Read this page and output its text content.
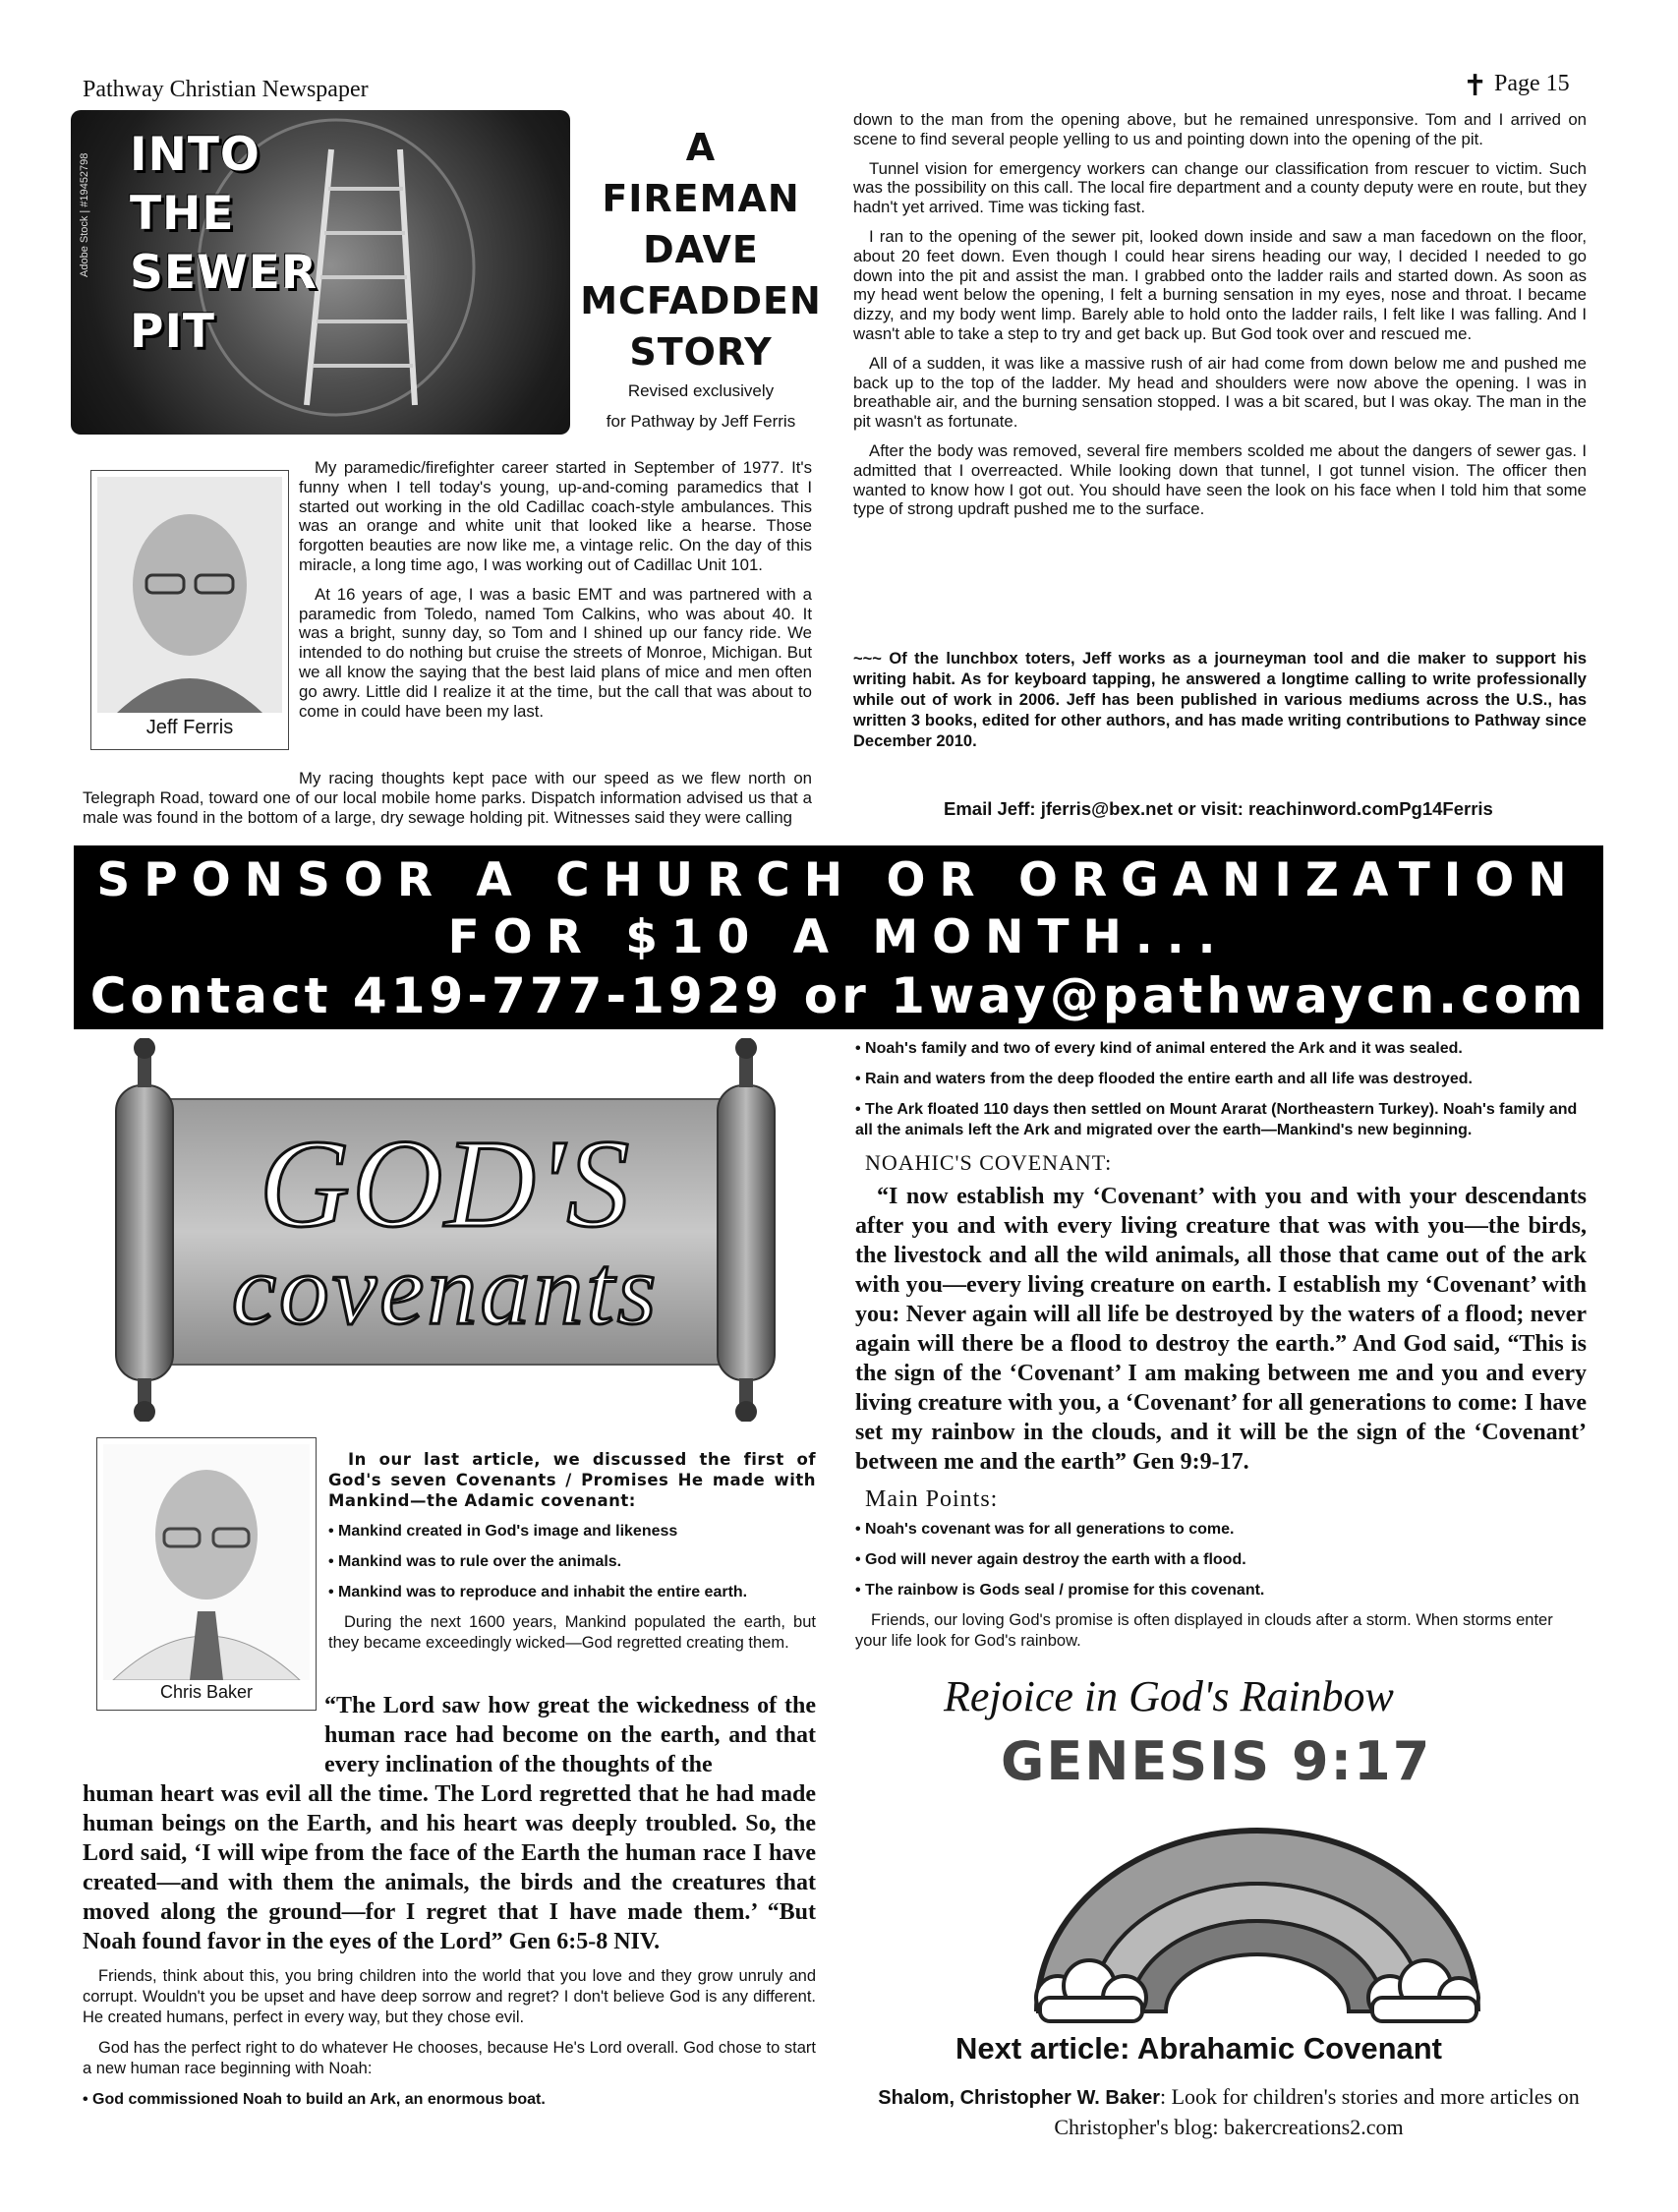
Pathway Christian Newspaper	✝ Page 15
INTO
THE
SEWER
PIT
Adobe Stock | #19452798
A
FIREMAN
DAVE
MCFADDEN
STORY
Revised exclusively
for Pathway by Jeff Ferris
Jeff Ferris

My paramedic/firefighter career started in September of 1977. It's funny when I tell today's young, up-and-coming paramedics that I started out working in the old Cadillac coach-style ambulances. This was an orange and white unit that looked like a hearse. Those forgotten beauties are now like me, a vintage relic. On the day of this miracle, a long time ago, I was working out of Cadillac Unit 101.

At 16 years of age, I was a basic EMT and was partnered with a paramedic from Toledo, named Tom Calkins, who was about 40. It was a bright, sunny day, so Tom and I shined up our fancy ride. We intended to do nothing but cruise the streets of Monroe, Michigan. But we all know the saying that the best laid plans of mice and men often go awry. Little did I realize it at the time, but the call that was about to come in could have been my last.

My racing thoughts kept pace with our speed as we flew north on Telegraph Road, toward one of our local mobile home parks. Dispatch information advised us that a male was found in the bottom of a large, dry sewage holding pit. Witnesses said they were calling

down to the man from the opening above, but he remained unresponsive. Tom and I arrived on scene to find several people yelling to us and pointing down into the opening of the pit.

Tunnel vision for emergency workers can change our classification from rescuer to victim. Such was the possibility on this call. The local fire department and a county deputy were en route, but they hadn't yet arrived. Time was ticking fast.

I ran to the opening of the sewer pit, looked down inside and saw a man facedown on the floor, about 20 feet down. Even though I could hear sirens heading our way, I decided I needed to go down into the pit and assist the man. I grabbed onto the ladder rails and started down. As soon as my head went below the opening, I felt a burning sensation in my eyes, nose and throat. I became dizzy, and my body went limp. Barely able to hold onto the ladder rails, I felt like I was falling. And I wasn't able to take a step to try and get back up. But God took over and rescued me.

All of a sudden, it was like a massive rush of air had come from down below me and pushed me back up to the top of the ladder. My head and shoulders were now above the opening. I was in breathable air, and the burning sensation stopped. I was a bit scared, but I was okay. The man in the pit wasn't as fortunate.

After the body was removed, several fire members scolded me about the dangers of sewer gas. I admitted that I overreacted. While looking down that tunnel, I got tunnel vision. The officer then wanted to know how I got out. You should have seen the look on his face when I told him that some type of strong updraft pushed me to the surface.

~~~ Of the lunchbox toters, Jeff works as a journeyman tool and die maker to support his writing habit. As for keyboard tapping, he answered a longtime calling to write professionally while out of work in 2006. Jeff has been published in various mediums across the U.S., has written 3 books, edited for other authors, and has made writing contributions to Pathway since December 2010.
Email Jeff: jferris@bex.net or visit: reachinword.comPg14Ferris
SPONSOR A CHURCH OR ORGANIZATION
FOR $10 A MONTH...
Contact 419-777-1929 or 1way@pathwaycn.com
GOD'S
covenants
Chris Baker

In our last article, we discussed the first of God's seven Covenants / Promises He made with Mankind—the Adamic covenant:

• Mankind created in God's image and likeness

• Mankind was to rule over the animals.

• Mankind was to reproduce and inhabit the entire earth.

During the next 1600 years, Mankind populated the earth, but they became exceedingly wicked—God regretted creating them.

“The Lord saw how great the wickedness of the human race had become on the earth, and that every inclination of the thoughts of the

human heart was evil all the time. The Lord regretted that he had made human beings on the Earth, and his heart was deeply troubled. So, the Lord said, ‘I will wipe from the face of the Earth the human race I have created—and with them the animals, the birds and the creatures that moved along the ground—for I regret that I have made them.’ “But Noah found favor in the eyes of the Lord” Gen 6:5-8 NIV.

Friends, think about this, you bring children into the world that you love and they grow unruly and corrupt. Wouldn't you be upset and have deep sorrow and regret? I don't believe God is any different. He created humans, perfect in every way, but they chose evil.

God has the perfect right to do whatever He chooses, because He's Lord overall. God chose to start a new human race beginning with Noah:

• God commissioned Noah to build an Ark, an enormous boat.

• Noah's family and two of every kind of animal entered the Ark and it was sealed.

• Rain and waters from the deep flooded the entire earth and all life was destroyed.

• The Ark floated 110 days then settled on Mount Ararat (Northeastern Turkey). Noah's family and all the animals left the Ark and migrated over the earth—Mankind's new beginning.

NOAHIC'S COVENANT:

“I now establish my ‘Covenant’ with you and with your descendants after you and with every living creature that was with you—the birds, the livestock and all the wild animals, all those that came out of the ark with you—every living creature on earth. I establish my ‘Covenant’ with you: Never again will all life be destroyed by the waters of a flood; never again will there be a flood to destroy the earth.” And God said, “This is the sign of the ‘Covenant’ I am making between me and you and every living creature with you, a ‘Covenant’ for all generations to come: I have set my rainbow in the clouds, and it will be the sign of the ‘Covenant’ between me and the earth” Gen 9:9-17.

Main Points:

• Noah's covenant was for all generations to come.

• God will never again destroy the earth with a flood.

• The rainbow is Gods seal / promise for this covenant.

Friends, our loving God's promise is often displayed in clouds after a storm. When storms enter your life look for God's rainbow.

Rejoice in God's Rainbow
GENESIS 9:17
Next article: Abrahamic Covenant
Shalom, Christopher W. Baker: Look for children's stories and more articles on Christopher's blog: bakercreations2.com
